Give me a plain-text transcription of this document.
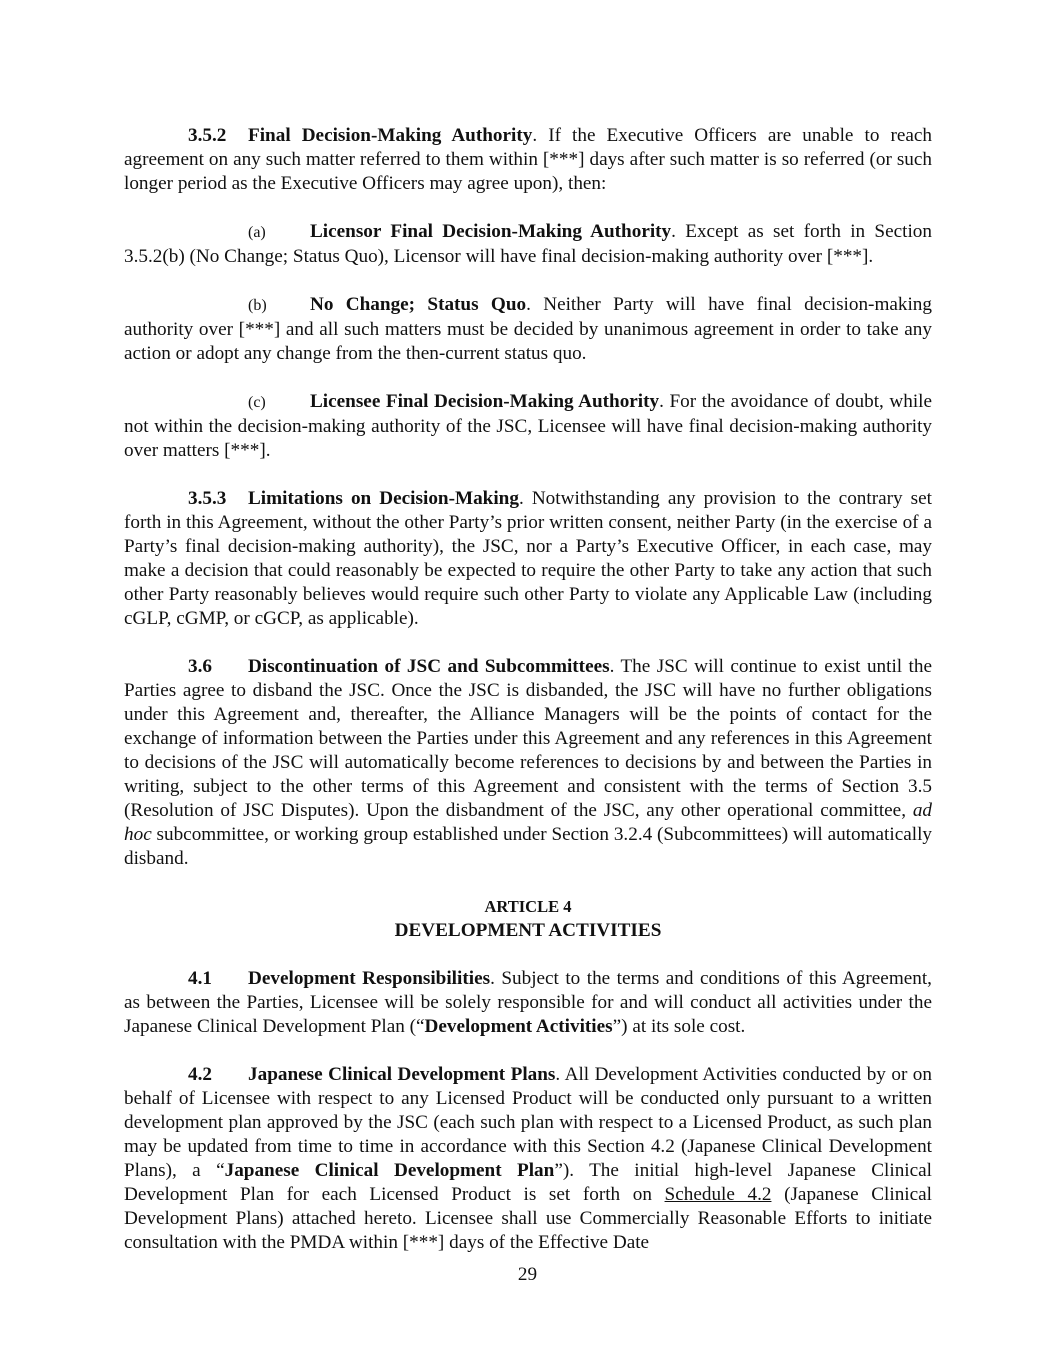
3.5.2 Final Decision-Making Authority. If the Executive Officers are unable to reach agreement on any such matter referred to them within [***] days after such matter is so referred (or such longer period as the Executive Officers may agree upon), then:

(a) Licensor Final Decision-Making Authority. Except as set forth in Section 3.5.2(b) (No Change; Status Quo), Licensor will have final decision-making authority over [***].

(b) No Change; Status Quo. Neither Party will have final decision-making authority over [***] and all such matters must be decided by unanimous agreement in order to take any action or adopt any change from the then-current status quo.

(c) Licensee Final Decision-Making Authority. For the avoidance of doubt, while not within the decision-making authority of the JSC, Licensee will have final decision-making authority over matters [***].

3.5.3 Limitations on Decision-Making. Notwithstanding any provision to the contrary set forth in this Agreement, without the other Party’s prior written consent, neither Party (in the exercise of a Party’s final decision-making authority), the JSC, nor a Party’s Executive Officer, in each case, may make a decision that could reasonably be expected to require the other Party to take any action that such other Party reasonably believes would require such other Party to violate any Applicable Law (including cGLP, cGMP, or cGCP, as applicable).

3.6 Discontinuation of JSC and Subcommittees. The JSC will continue to exist until the Parties agree to disband the JSC. Once the JSC is disbanded, the JSC will have no further obligations under this Agreement and, thereafter, the Alliance Managers will be the points of contact for the exchange of information between the Parties under this Agreement and any references in this Agreement to decisions of the JSC will automatically become references to decisions by and between the Parties in writing, subject to the other terms of this Agreement and consistent with the terms of Section 3.5 (Resolution of JSC Disputes). Upon the disbandment of the JSC, any other operational committee, ad hoc subcommittee, or working group established under Section 3.2.4 (Subcommittees) will automatically disband.

ARTICLE 4
DEVELOPMENT ACTIVITIES

4.1 Development Responsibilities. Subject to the terms and conditions of this Agreement, as between the Parties, Licensee will be solely responsible for and will conduct all activities under the Japanese Clinical Development Plan (“Development Activities”) at its sole cost.

4.2 Japanese Clinical Development Plans. All Development Activities conducted by or on behalf of Licensee with respect to any Licensed Product will be conducted only pursuant to a written development plan approved by the JSC (each such plan with respect to a Licensed Product, as such plan may be updated from time to time in accordance with this Section 4.2 (Japanese Clinical Development Plans), a “Japanese Clinical Development Plan”). The initial high-level Japanese Clinical Development Plan for each Licensed Product is set forth on Schedule 4.2 (Japanese Clinical Development Plans) attached hereto. Licensee shall use Commercially Reasonable Efforts to initiate consultation with the PMDA within [***] days of the Effective Date

29
